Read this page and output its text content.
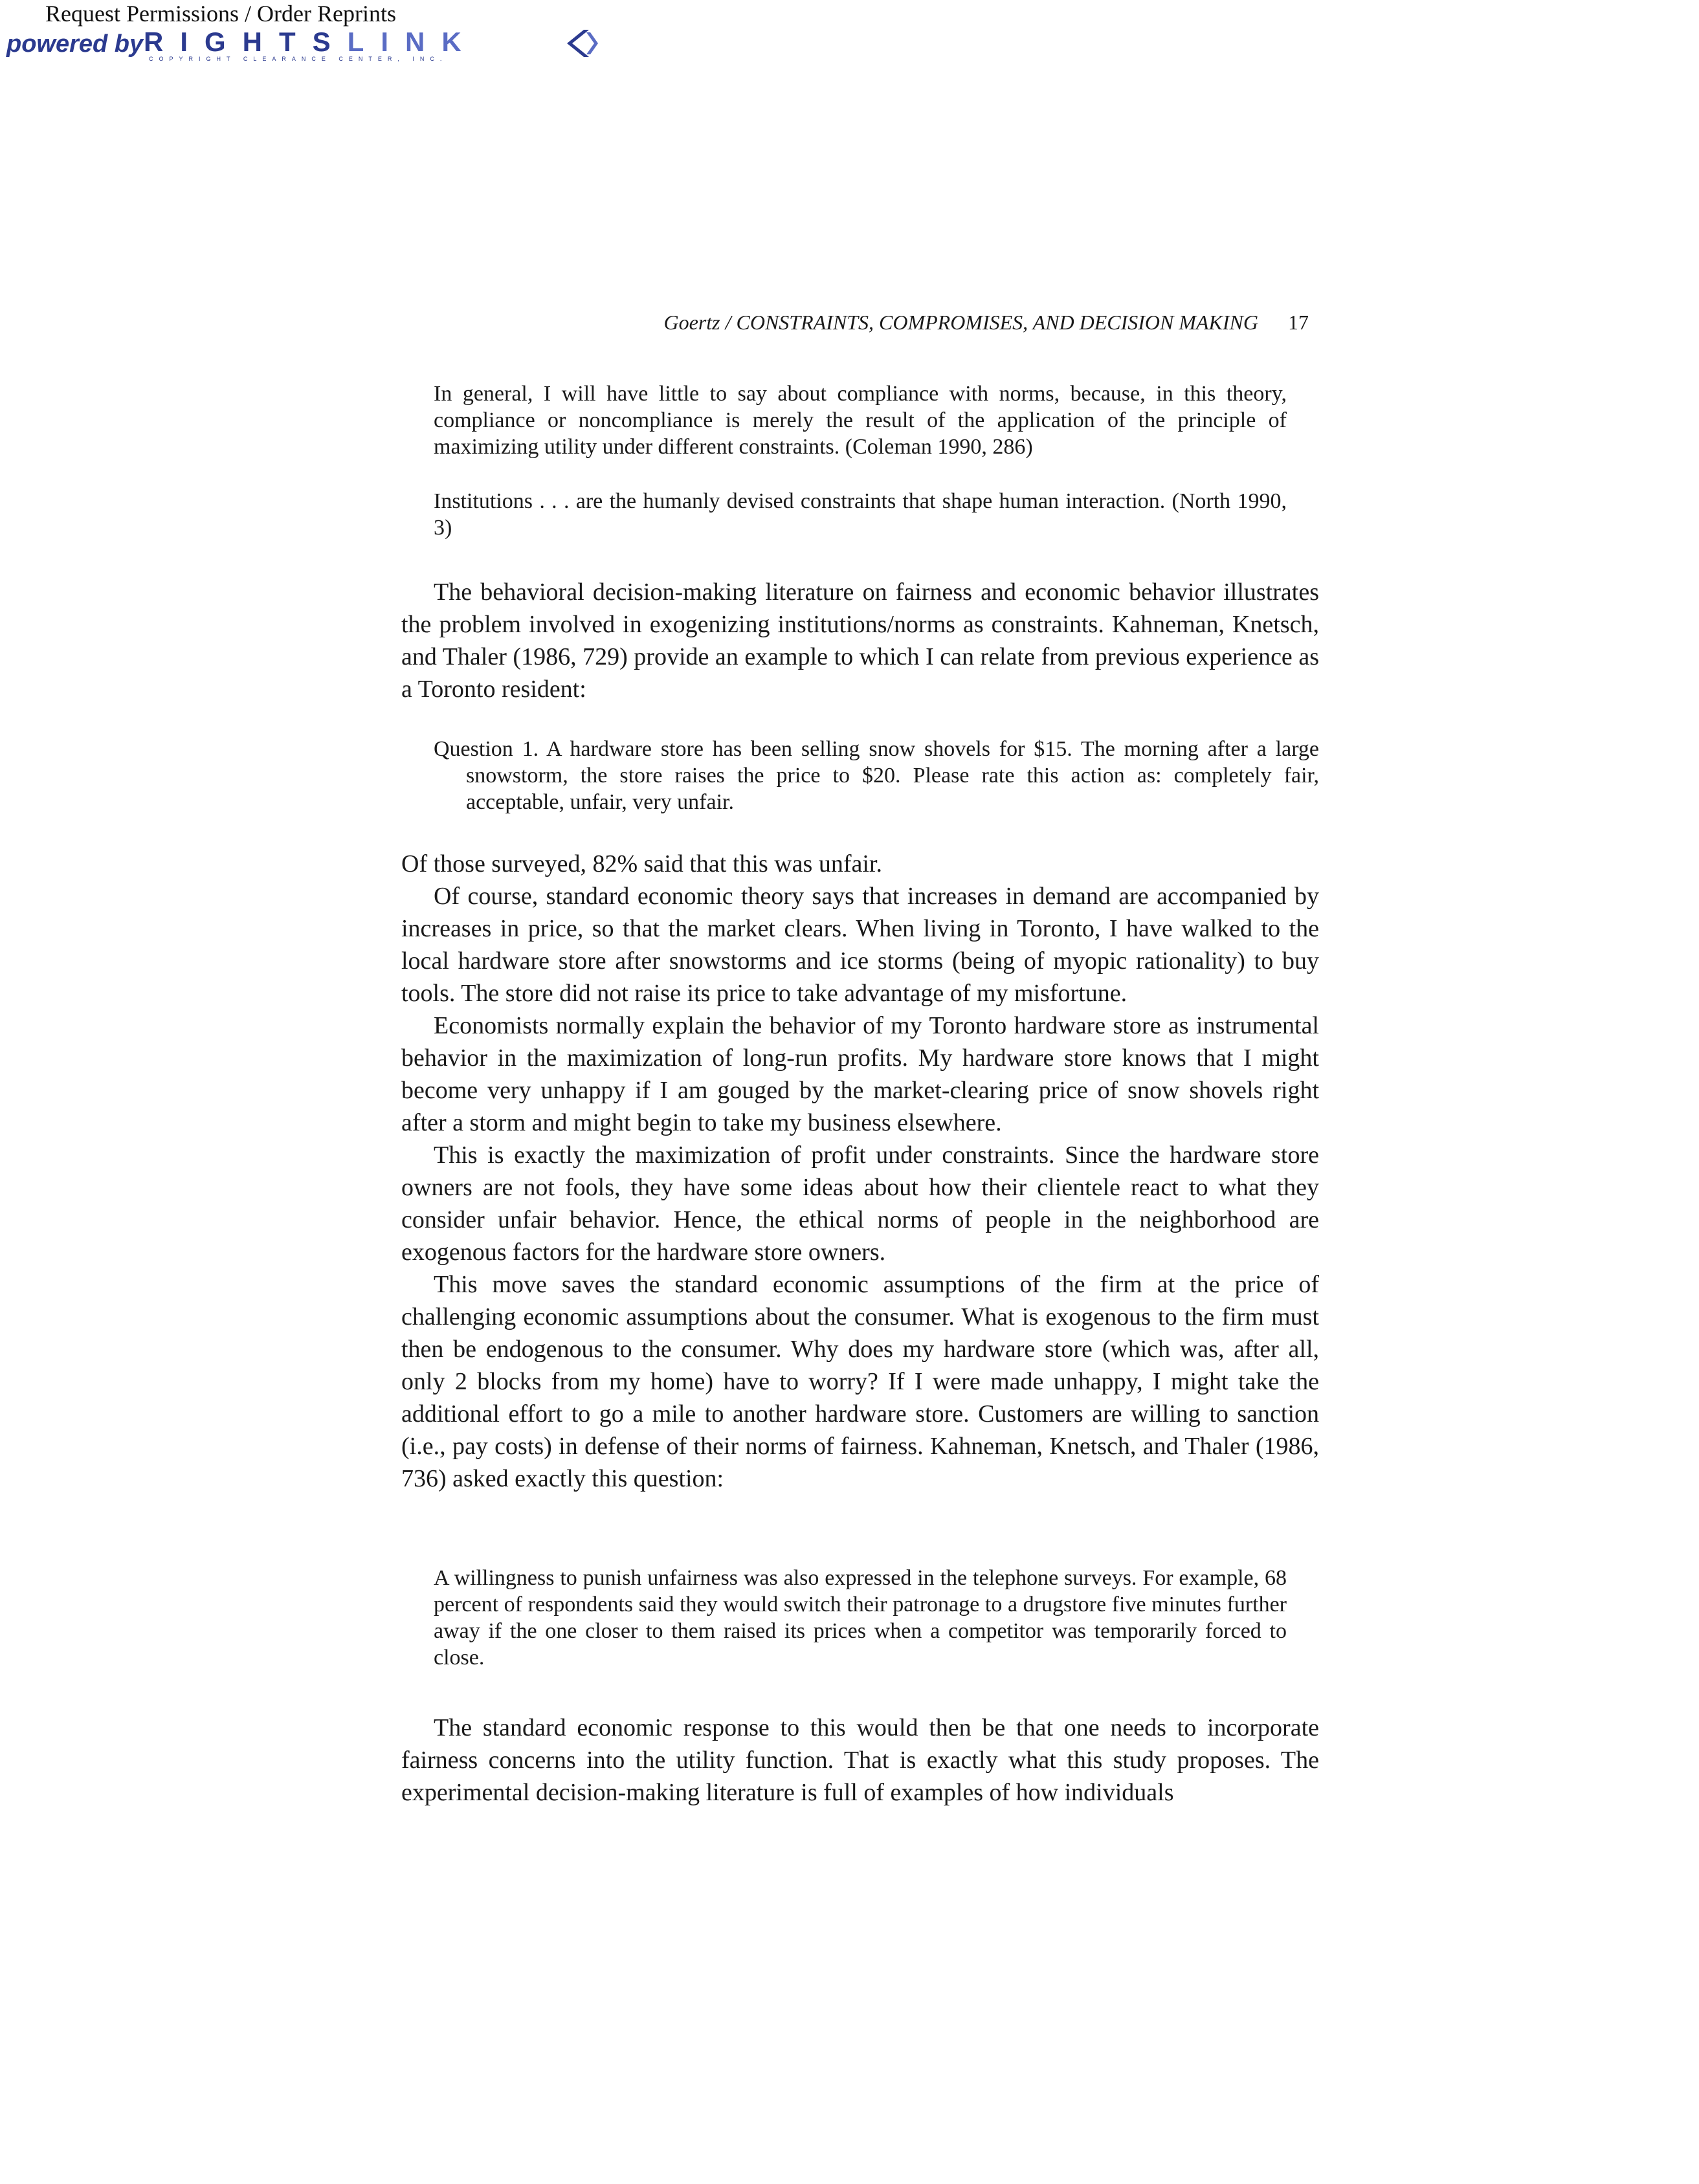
Request Permissions / Order Reprints
powered by RIGHTSLINK
COPYRIGHT CLEARANCE CENTER, INC.
Goertz / CONSTRAINTS, COMPROMISES, AND DECISION MAKING 17
In general, I will have little to say about compliance with norms, because, in this theory, compliance or noncompliance is merely the result of the application of the principle of maximizing utility under different constraints. (Coleman 1990, 286)
Institutions . . . are the humanly devised constraints that shape human interaction. (North 1990, 3)

The behavioral decision-making literature on fairness and economic behavior illustrates the problem involved in exogenizing institutions/norms as constraints. Kahneman, Knetsch, and Thaler (1986, 729) provide an example to which I can relate from previous experience as a Toronto resident:

Question 1. A hardware store has been selling snow shovels for $15. The morning after a large snowstorm, the store raises the price to $20. Please rate this action as: completely fair, acceptable, unfair, very unfair.

Of those surveyed, 82% said that this was unfair.

Of course, standard economic theory says that increases in demand are accompanied by increases in price, so that the market clears. When living in Toronto, I have walked to the local hardware store after snowstorms and ice storms (being of myopic rationality) to buy tools. The store did not raise its price to take advantage of my misfortune.

Economists normally explain the behavior of my Toronto hardware store as instrumental behavior in the maximization of long-run profits. My hardware store knows that I might become very unhappy if I am gouged by the market-clearing price of snow shovels right after a storm and might begin to take my business elsewhere.

This is exactly the maximization of profit under constraints. Since the hardware store owners are not fools, they have some ideas about how their clientele react to what they consider unfair behavior. Hence, the ethical norms of people in the neighborhood are exogenous factors for the hardware store owners.

This move saves the standard economic assumptions of the firm at the price of challenging economic assumptions about the consumer. What is exogenous to the firm must then be endogenous to the consumer. Why does my hardware store (which was, after all, only 2 blocks from my home) have to worry? If I were made unhappy, I might take the additional effort to go a mile to another hardware store. Customers are willing to sanction (i.e., pay costs) in defense of their norms of fairness. Kahneman, Knetsch, and Thaler (1986, 736) asked exactly this question:

A willingness to punish unfairness was also expressed in the telephone surveys. For example, 68 percent of respondents said they would switch their patronage to a drugstore five minutes further away if the one closer to them raised its prices when a competitor was temporarily forced to close.

The standard economic response to this would then be that one needs to incorporate fairness concerns into the utility function. That is exactly what this study proposes. The experimental decision-making literature is full of examples of how individuals
